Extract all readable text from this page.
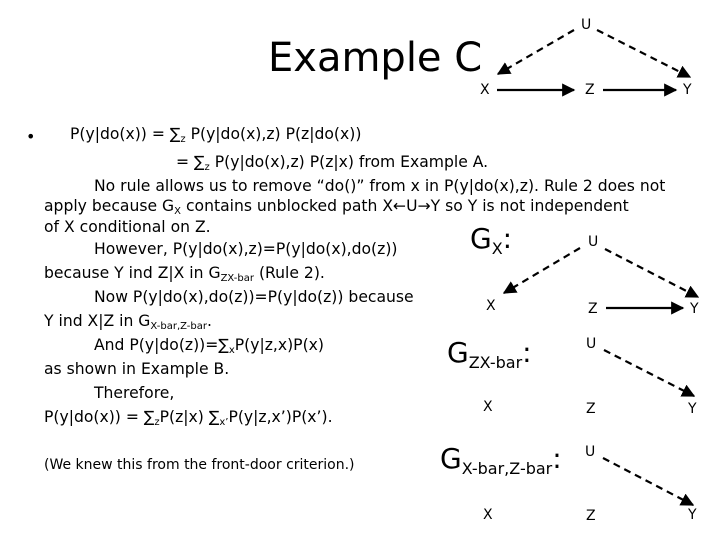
Example C
• $P(y|do(x)) = \sum_z$ P(y|do(x),z) P(z|do(x))
= $\sum_z$ P(y|do(x),z) P(z|x) from Example A.
No rule allows us to remove “do()” from x in P(y|do(x),z). Rule 2 does not
apply because $G_X$ contains unblocked path X←U→Y so Y is not independent
of X conditional on Z.
However, P(y|do(x),z)=P(y|do(x),do(z))
because Y ind Z|X in $G_{ZX-bar}$ (Rule 2).
Now P(y|do(x),do(z))=P(y|do(z)) because
Y ind X|Z in $G_{X-bar,Z-bar}$.
And $P(y|do(z))=\sum_xP(y|z,x)P(x)$
as shown in Example B.
Therefore,
$P(y|do(x)) = \sum_zP(z|x)$ $\sum_{x’}P(y|z,x’)P(x’)$.
(We knew this from the front-door criterion.)
$G_X$:
$G_{ZX-bar}$:
$G_{X-bar,Z-bar}$:
U
X	Z	Y
U
X	Z	Y
U
X	Z	Y
U
X	Z	Y
